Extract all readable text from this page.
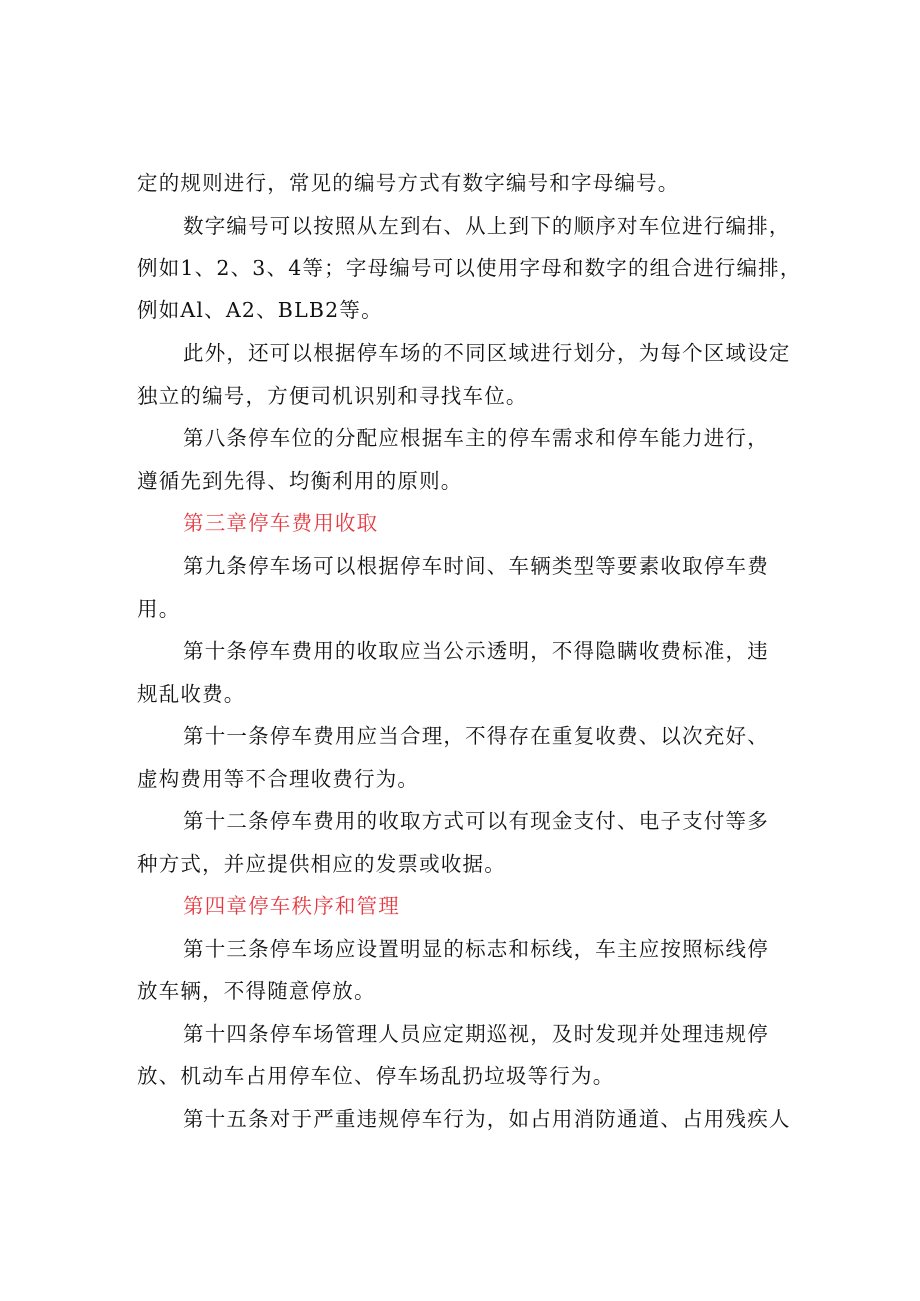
定的规则进行，常见的编号方式有数字编号和字母编号。
数字编号可以按照从左到右、从上到下的顺序对车位进行编排，
例如1、2、3、4等；字母编号可以使用字母和数字的组合进行编排，
例如Al、A2、BLB2等。
此外，还可以根据停车场的不同区域进行划分，为每个区域设定
独立的编号，方便司机识别和寻找车位。
第八条停车位的分配应根据车主的停车需求和停车能力进行，
遵循先到先得、均衡利用的原则。
第三章停车费用收取
第九条停车场可以根据停车时间、车辆类型等要素收取停车费
用。
第十条停车费用的收取应当公示透明，不得隐瞒收费标准，违
规乱收费。
第十一条停车费用应当合理，不得存在重复收费、以次充好、
虚构费用等不合理收费行为。
第十二条停车费用的收取方式可以有现金支付、电子支付等多
种方式，并应提供相应的发票或收据。
第四章停车秩序和管理
第十三条停车场应设置明显的标志和标线，车主应按照标线停
放车辆，不得随意停放。
第十四条停车场管理人员应定期巡视，及时发现并处理违规停
放、机动车占用停车位、停车场乱扔垃圾等行为。
第十五条对于严重违规停车行为，如占用消防通道、占用残疾人
